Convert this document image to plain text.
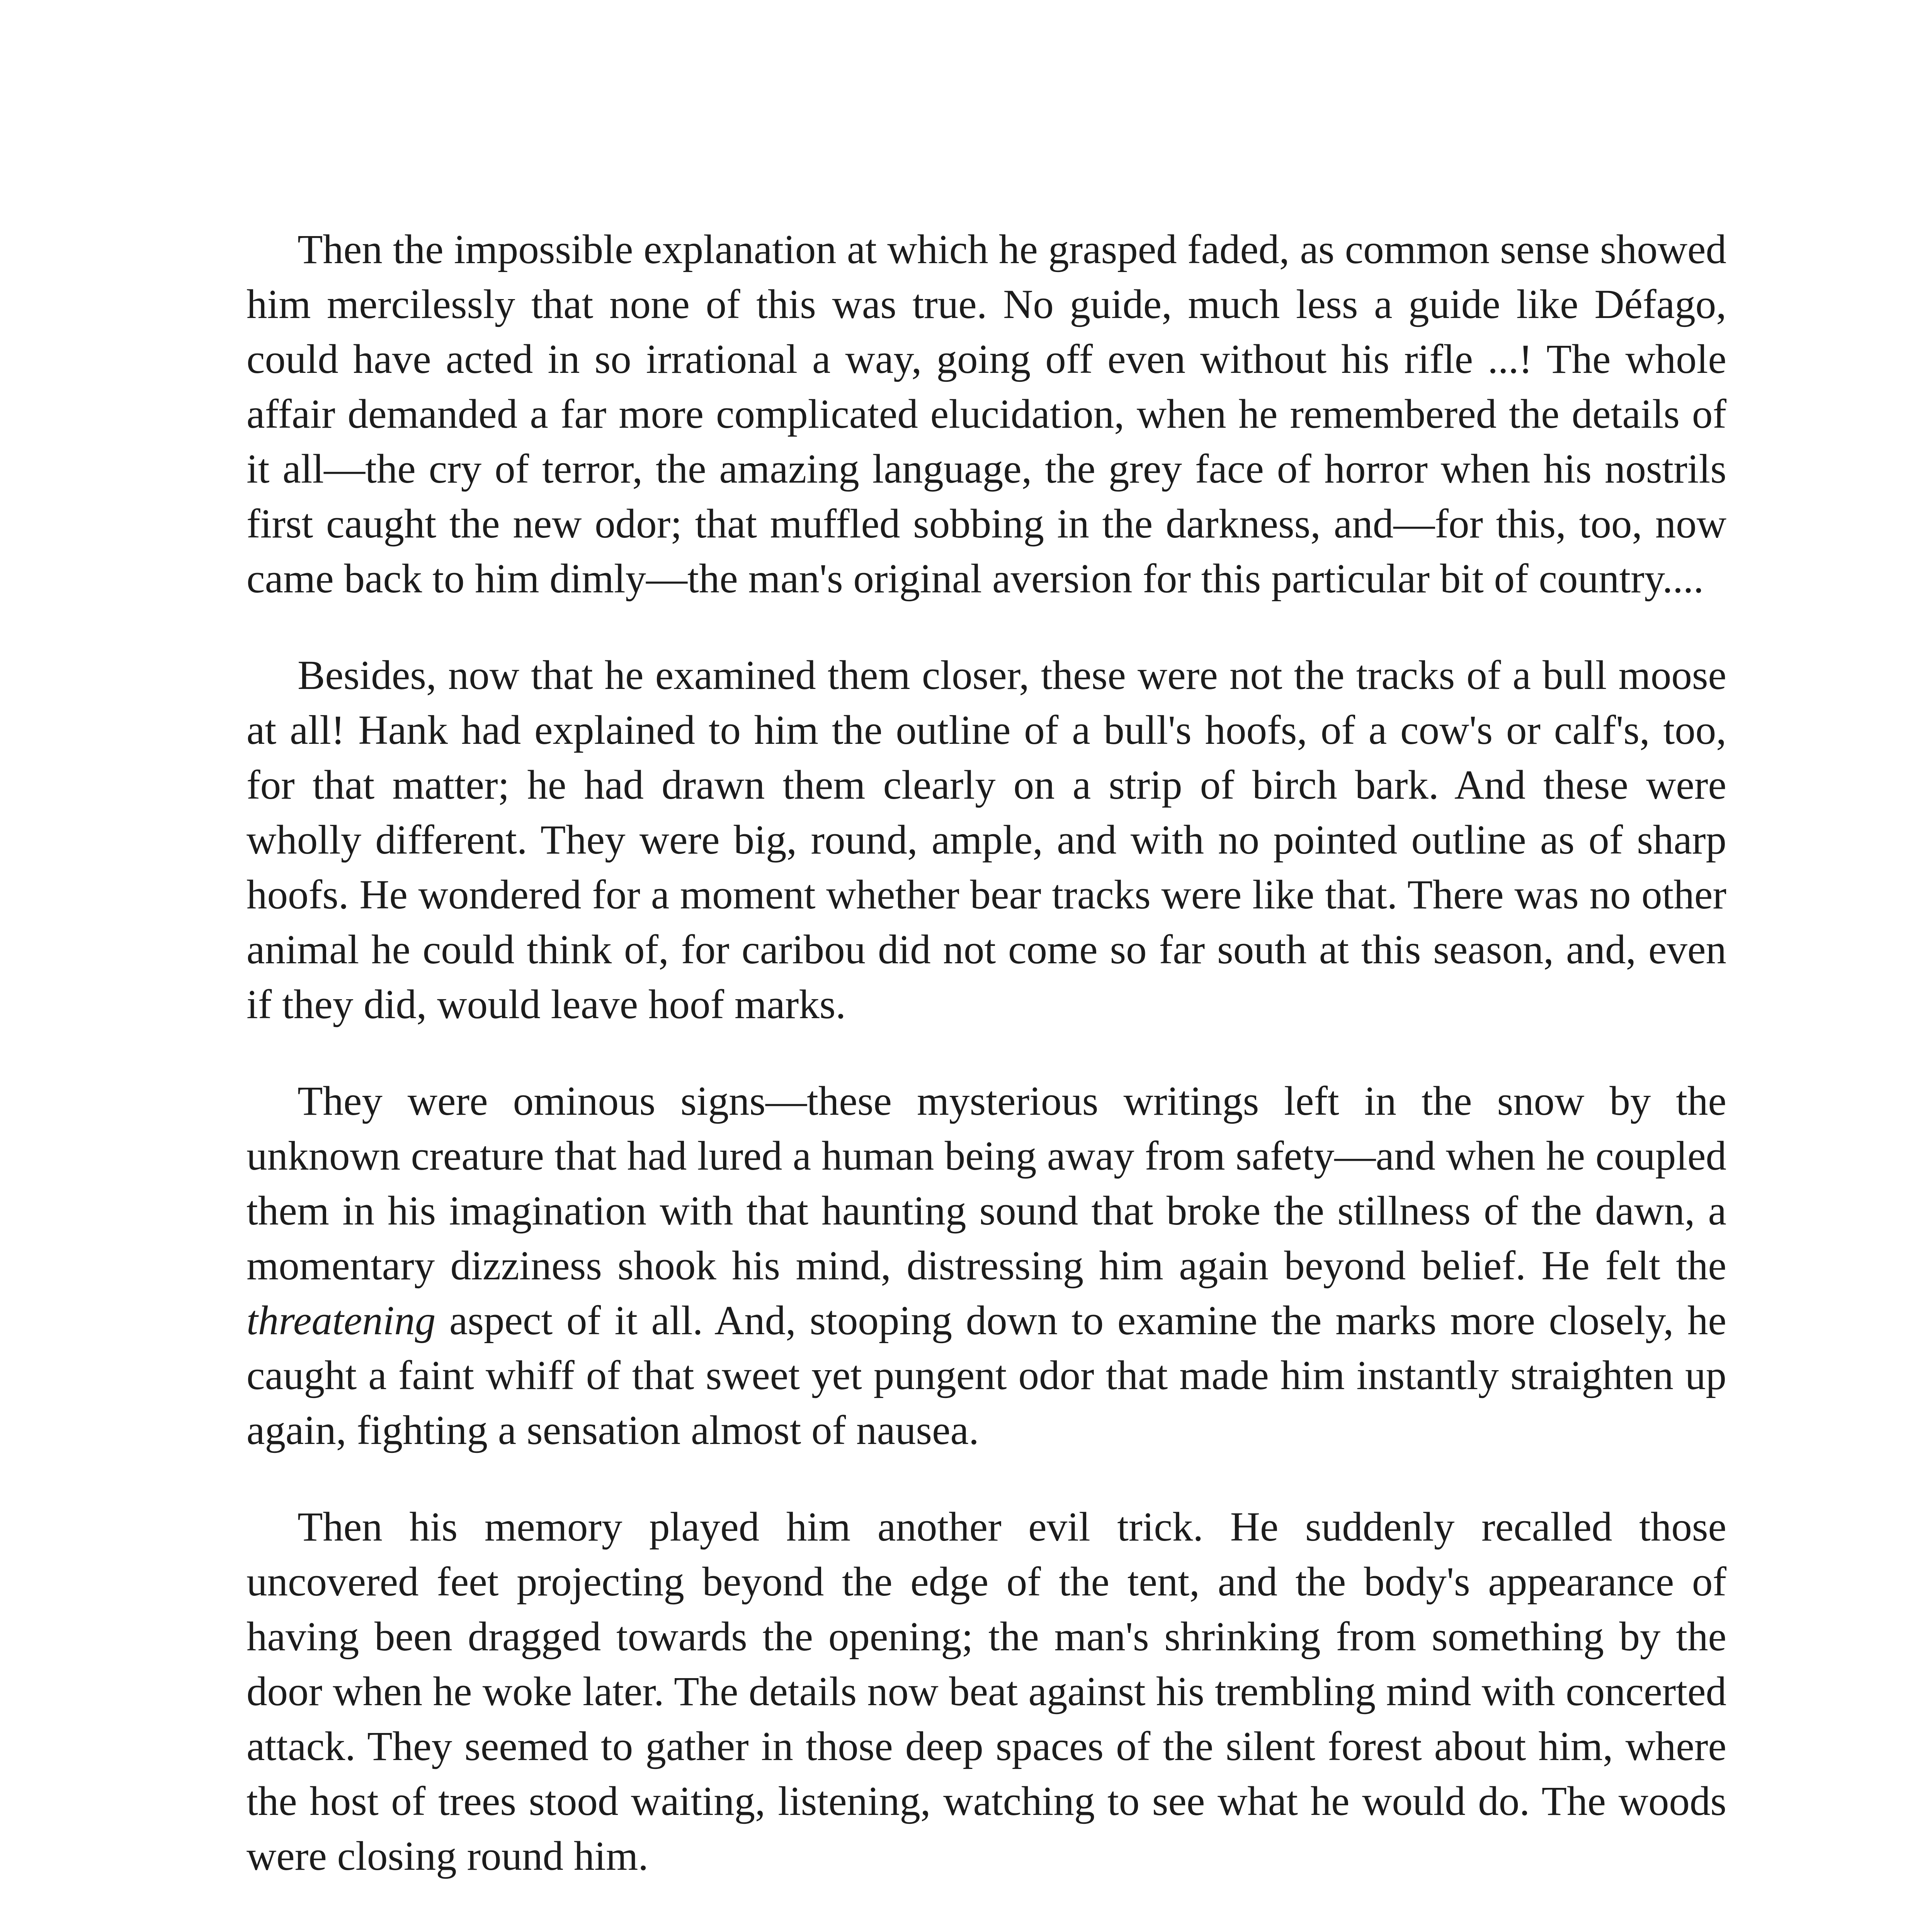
Then the impossible explanation at which he grasped faded, as common sense showed him mercilessly that none of this was true. No guide, much less a guide like Défago, could have acted in so irrational a way, going off even without his rifle ...! The whole affair demanded a far more complicated elucidation, when he remembered the details of it all—the cry of terror, the amazing language, the grey face of horror when his nostrils first caught the new odor; that muffled sobbing in the darkness, and—for this, too, now came back to him dimly—the man's original aversion for this particular bit of country....

Besides, now that he examined them closer, these were not the tracks of a bull moose at all! Hank had explained to him the outline of a bull's hoofs, of a cow's or calf's, too, for that matter; he had drawn them clearly on a strip of birch bark. And these were wholly different. They were big, round, ample, and with no pointed outline as of sharp hoofs. He wondered for a moment whether bear tracks were like that. There was no other animal he could think of, for caribou did not come so far south at this season, and, even if they did, would leave hoof marks.

They were ominous signs—these mysterious writings left in the snow by the unknown creature that had lured a human being away from safety—and when he coupled them in his imagination with that haunting sound that broke the stillness of the dawn, a momentary dizziness shook his mind, distressing him again beyond belief. He felt the threatening aspect of it all. And, stooping down to examine the marks more closely, he caught a faint whiff of that sweet yet pungent odor that made him instantly straighten up again, fighting a sensation almost of nausea.

Then his memory played him another evil trick. He suddenly recalled those uncovered feet projecting beyond the edge of the tent, and the body's appearance of having been dragged towards the opening; the man's shrinking from something by the door when he woke later. The details now beat against his trembling mind with concerted attack. They seemed to gather in those deep spaces of the silent forest about him, where the host of trees stood waiting, listening, watching to see what he would do. The woods were closing round him.
